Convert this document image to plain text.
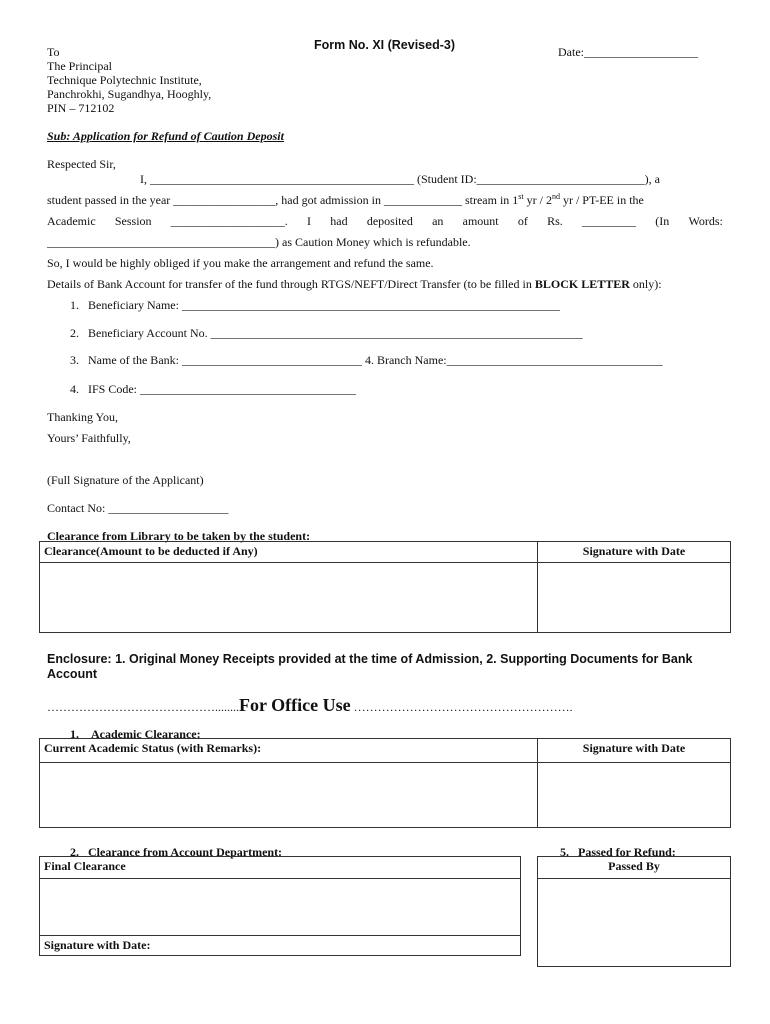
To	Form No. XI (Revised-3)	Date:___________________
The Principal
Technique Polytechnic Institute,
Panchrokhi, Sugandhya, Hooghly,
PIN – 712102
Sub: Application for Refund of Caution Deposit
Respected Sir,
I, ____________________________________________ (Student ID:____________________________), a
student passed in the year _________________, had got admission in _____________ stream in 1st yr / 2nd yr / PT-EE in the
Academic Session ___________________. I had deposited an amount of Rs. _________ (In Words:
______________________________________) as Caution Money which is refundable.
So, I would be highly obliged if you make the arrangement and refund the same.
Details of Bank Account for transfer of the fund through RTGS/NEFT/Direct Transfer (to be filled in BLOCK LETTER only):
1.   Beneficiary Name: _______________________________________________________________
2.   Beneficiary Account No. ______________________________________________________________
3.   Name of the Bank: ______________________________ 4. Branch Name:____________________________________
4.   IFS Code: ____________________________________
Thanking You,
Yours’ Faithfully,
(Full Signature of the Applicant)
Contact No: ____________________
Clearance from Library to be taken by the student:
Clearance(Amount to be deducted if Any)	Signature with Date

Enclosure: 1. Original Money Receipts provided at the time of Admission, 2. Supporting Documents for Bank
Account
……………………………………........For Office Use ……………………………………………….
1.    Academic Clearance:
Current Academic Status (with Remarks):	Signature with Date

2.   Clearance from Account Department:
Final Clearance

Signature with Date:
5.   Passed for Refund:
Passed By
